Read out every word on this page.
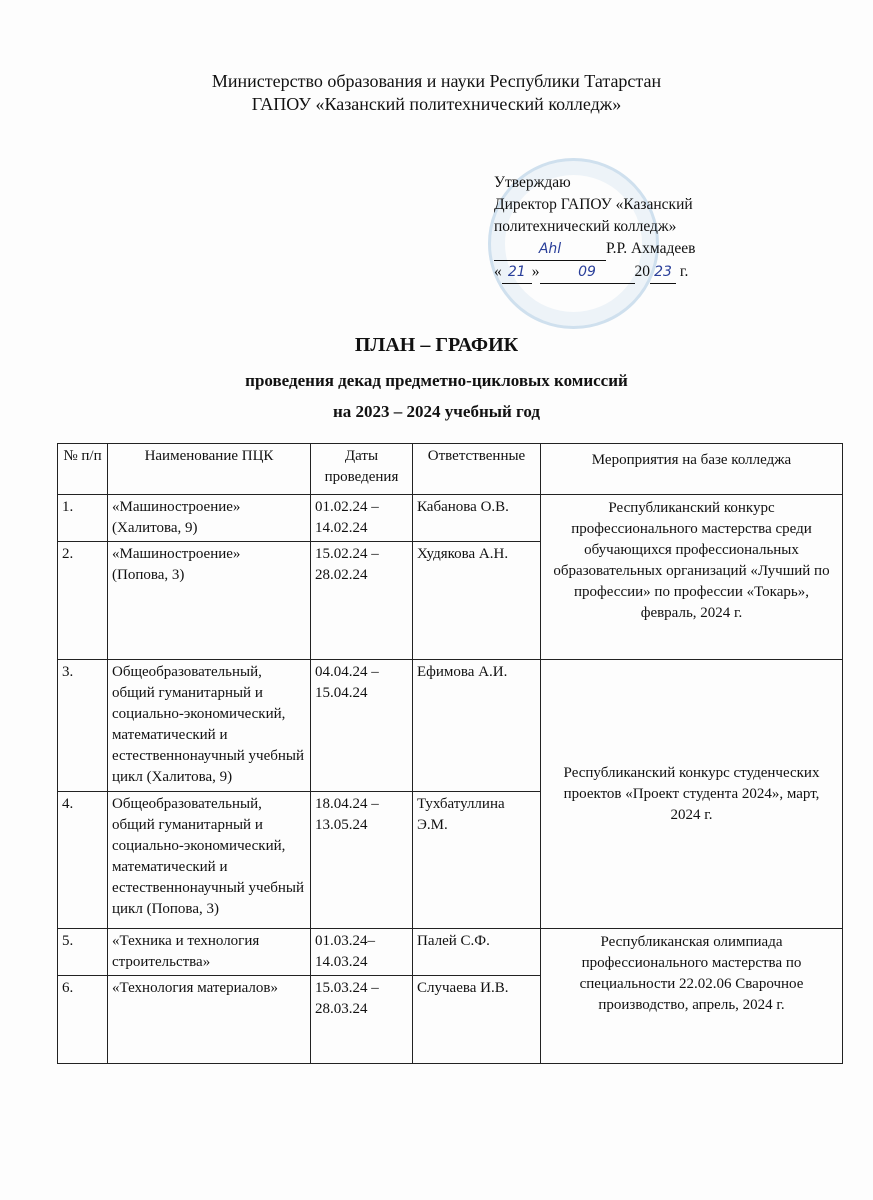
Министерство образования и науки Республики Татарстан
ГАПОУ «Казанский политехнический колледж»
Утверждаю
Директор ГАПОУ «Казанский
политехнический колледж»
Ahl	Р.Р. Ахмадеев
« 21 »	09 20 23 г.
ПЛАН – ГРАФИК
проведения декад предметно-цикловых комиссий
на 2023 – 2024 учебный год
№ п/п	Наименование ПЦК	Даты проведения	Ответственные	Мероприятия на базе колледжа
1.	«Машиностроение» (Халитова, 9)	01.02.24 – 14.02.24	Кабанова О.В.	Республиканский конкурс профессионального мастерства среди обучающихся профессиональных образовательных организаций «Лучший по профессии» по профессии «Токарь», февраль, 2024 г.
2.	«Машиностроение» (Попова, 3)	15.02.24 – 28.02.24	Худякова А.Н.	
3.	Общеобразовательный, общий гуманитарный и социально-экономический, математический и естественнонаучный учебный цикл (Халитова, 9)	04.04.24 – 15.04.24	Ефимова А.И.	Республиканский конкурс студенческих проектов «Проект студента 2024», март, 2024 г.
4.	Общеобразовательный, общий гуманитарный и социально-экономический, математический и естественнонаучный учебный цикл (Попова, 3)	18.04.24 – 13.05.24	Тухбатуллина Э.М.	
5.	«Техника и технология строительства»	01.03.24– 14.03.24	Палей С.Ф.	Республиканская олимпиада профессионального мастерства по специальности 22.02.06 Сварочное производство, апрель, 2024 г.
6.	«Технология материалов»	15.03.24 – 28.03.24	Случаева И.В.	
